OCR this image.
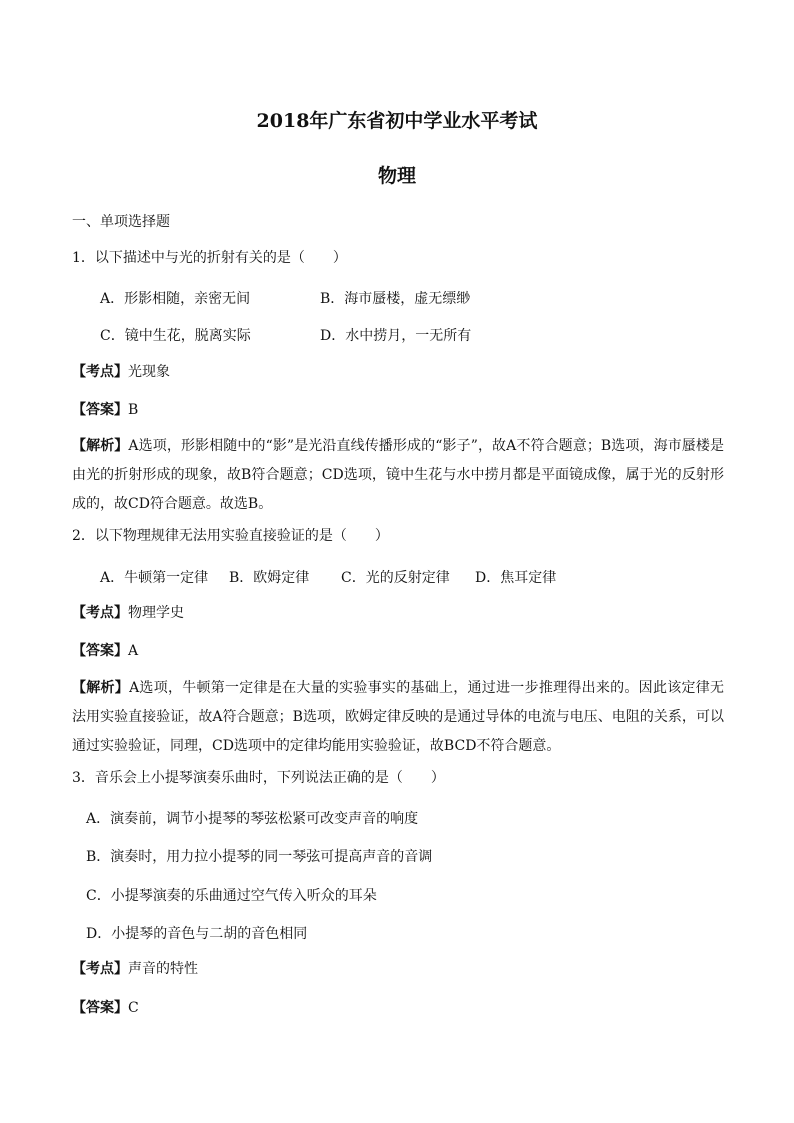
2018年广东省初中学业水平考试
物理
一、单项选择题
1．以下描述中与光的折射有关的是（　　）
A．形影相随，亲密无间	B．海市蜃楼，虚无缥缈
C．镜中生花，脱离实际	D．水中捞月，一无所有
【考点】光现象
【答案】B
【解析】A选项，形影相随中的“影”是光沿直线传播形成的“影子”，故A不符合题意；B选项，海市蜃楼是由光的折射形成的现象，故B符合题意；CD选项，镜中生花与水中捞月都是平面镜成像，属于光的反射形成的，故CD符合题意。故选B。
2．以下物理规律无法用实验直接验证的是（　　）
A．牛顿第一定律 B．欧姆定律 C．光的反射定律 D．焦耳定律
【考点】物理学史
【答案】A
【解析】A选项，牛顿第一定律是在大量的实验事实的基础上，通过进一步推理得出来的。因此该定律无法用实验直接验证，故A符合题意；B选项，欧姆定律反映的是通过导体的电流与电压、电阻的关系，可以通过实验验证，同理，CD选项中的定律均能用实验验证，故BCD不符合题意。
3．音乐会上小提琴演奏乐曲时，下列说法正确的是（　　）
A．演奏前，调节小提琴的琴弦松紧可改变声音的响度
B．演奏时，用力拉小提琴的同一琴弦可提高声音的音调
C．小提琴演奏的乐曲通过空气传入听众的耳朵
D．小提琴的音色与二胡的音色相同
【考点】声音的特性
【答案】C
